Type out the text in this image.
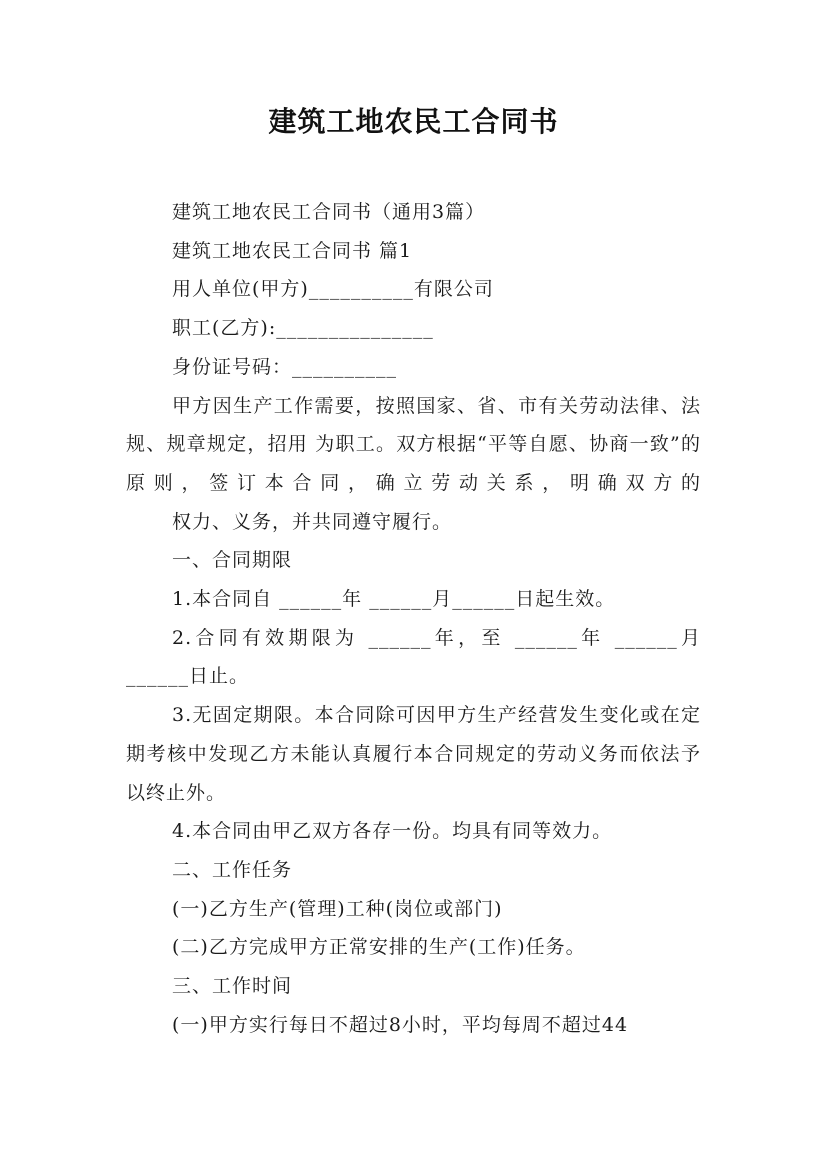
建筑工地农民工合同书

建筑工地农民工合同书（通用3篇）

建筑工地农民工合同书 篇1

用人单位(甲方)__________有限公司

职工(乙方):_______________

身份证号码：__________

甲方因生产工作需要，按照国家、省、市有关劳动法律、法规、规章规定，招用 为职工。双方根据“平等自愿、协商一致”的原则，签订本合同，确立劳动关系，明确双方的

权力、义务，并共同遵守履行。

一、合同期限

1.本合同自 ______年 ______月______日起生效。

2.合同有效期限为 ______年，至 ______年 ______月______日止。

3.无固定期限。本合同除可因甲方生产经营发生变化或在定期考核中发现乙方未能认真履行本合同规定的劳动义务而依法予以终止外。

4.本合同由甲乙双方各存一份。均具有同等效力。

二、工作任务

(一)乙方生产(管理)工种(岗位或部门)

(二)乙方完成甲方正常安排的生产(工作)任务。

三、工作时间

(一)甲方实行每日不超过8小时，平均每周不超过44
